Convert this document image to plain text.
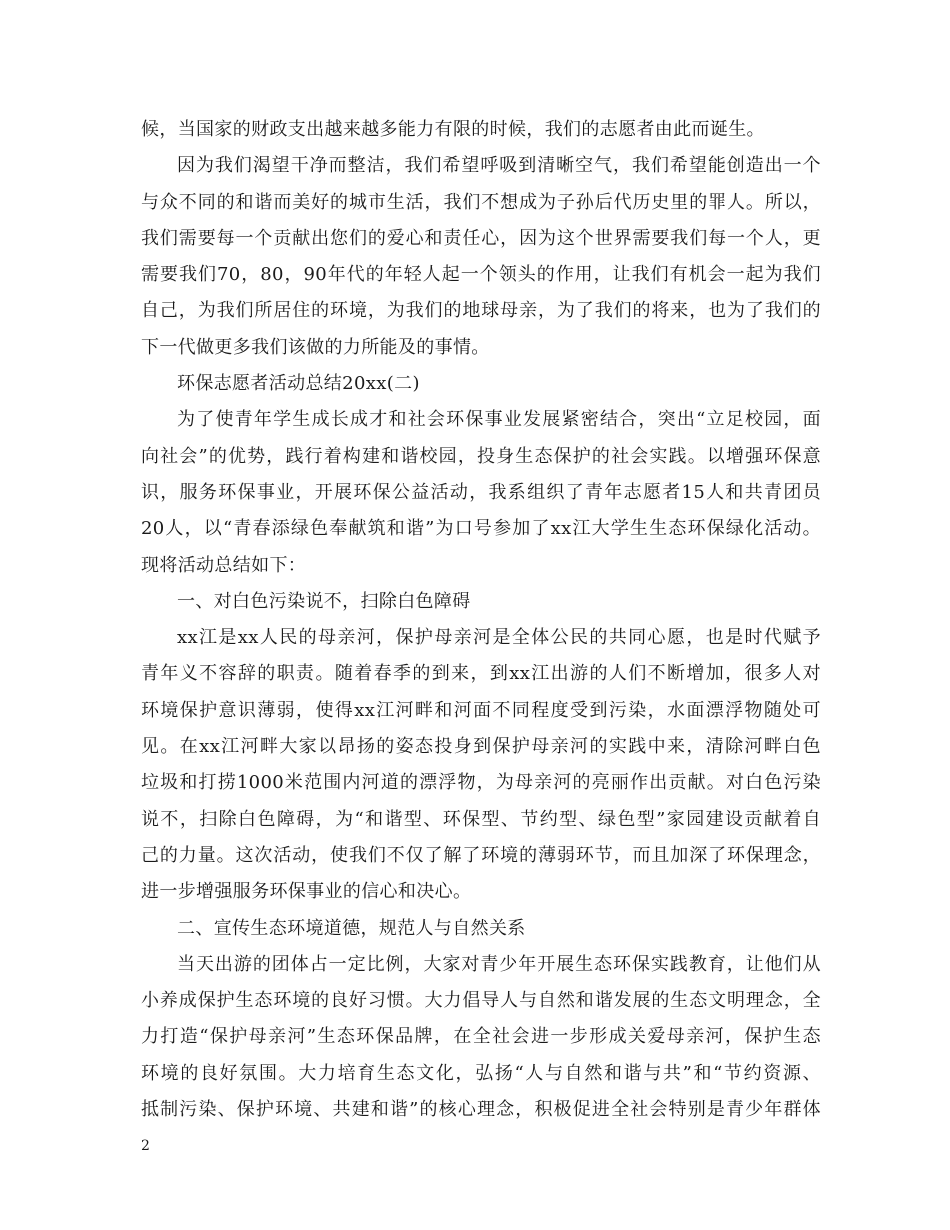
候，当国家的财政支出越来越多能力有限的时候，我们的志愿者由此而诞生。
因为我们渴望干净而整洁，我们希望呼吸到清晰空气，我们希望能创造出一个
与众不同的和谐而美好的城市生活，我们不想成为子孙后代历史里的罪人。所以，
我们需要每一个贡献出您们的爱心和责任心，因为这个世界需要我们每一个人，更
需要我们70，80，90年代的年轻人起一个领头的作用，让我们有机会一起为我们
自己，为我们所居住的环境，为我们的地球母亲，为了我们的将来，也为了我们的
下一代做更多我们该做的力所能及的事情。
环保志愿者活动总结20xx(二)
为了使青年学生成长成才和社会环保事业发展紧密结合，突出“立足校园，面
向社会”的优势，践行着构建和谐校园，投身生态保护的社会实践。以增强环保意
识，服务环保事业，开展环保公益活动，我系组织了青年志愿者15人和共青团员
20人，以“青春添绿色奉献筑和谐”为口号参加了xx江大学生生态环保绿化活动。
现将活动总结如下：
一、对白色污染说不，扫除白色障碍
xx江是xx人民的母亲河，保护母亲河是全体公民的共同心愿，也是时代赋予
青年义不容辞的职责。随着春季的到来，到xx江出游的人们不断增加，很多人对
环境保护意识薄弱，使得xx江河畔和河面不同程度受到污染，水面漂浮物随处可
见。在xx江河畔大家以昂扬的姿态投身到保护母亲河的实践中来，清除河畔白色
垃圾和打捞1000米范围内河道的漂浮物，为母亲河的亮丽作出贡献。对白色污染
说不，扫除白色障碍，为“和谐型、环保型、节约型、绿色型”家园建设贡献着自
己的力量。这次活动，使我们不仅了解了环境的薄弱环节，而且加深了环保理念，
进一步增强服务环保事业的信心和决心。
二、宣传生态环境道德，规范人与自然关系
当天出游的团体占一定比例，大家对青少年开展生态环保实践教育，让他们从
小养成保护生态环境的良好习惯。大力倡导人与自然和谐发展的生态文明理念，全
力打造“保护母亲河”生态环保品牌，在全社会进一步形成关爱母亲河，保护生态
环境的良好氛围。大力培育生态文化，弘扬“人与自然和谐与共”和“节约资源、
抵制污染、保护环境、共建和谐”的核心理念，积极促进全社会特别是青少年群体
2
